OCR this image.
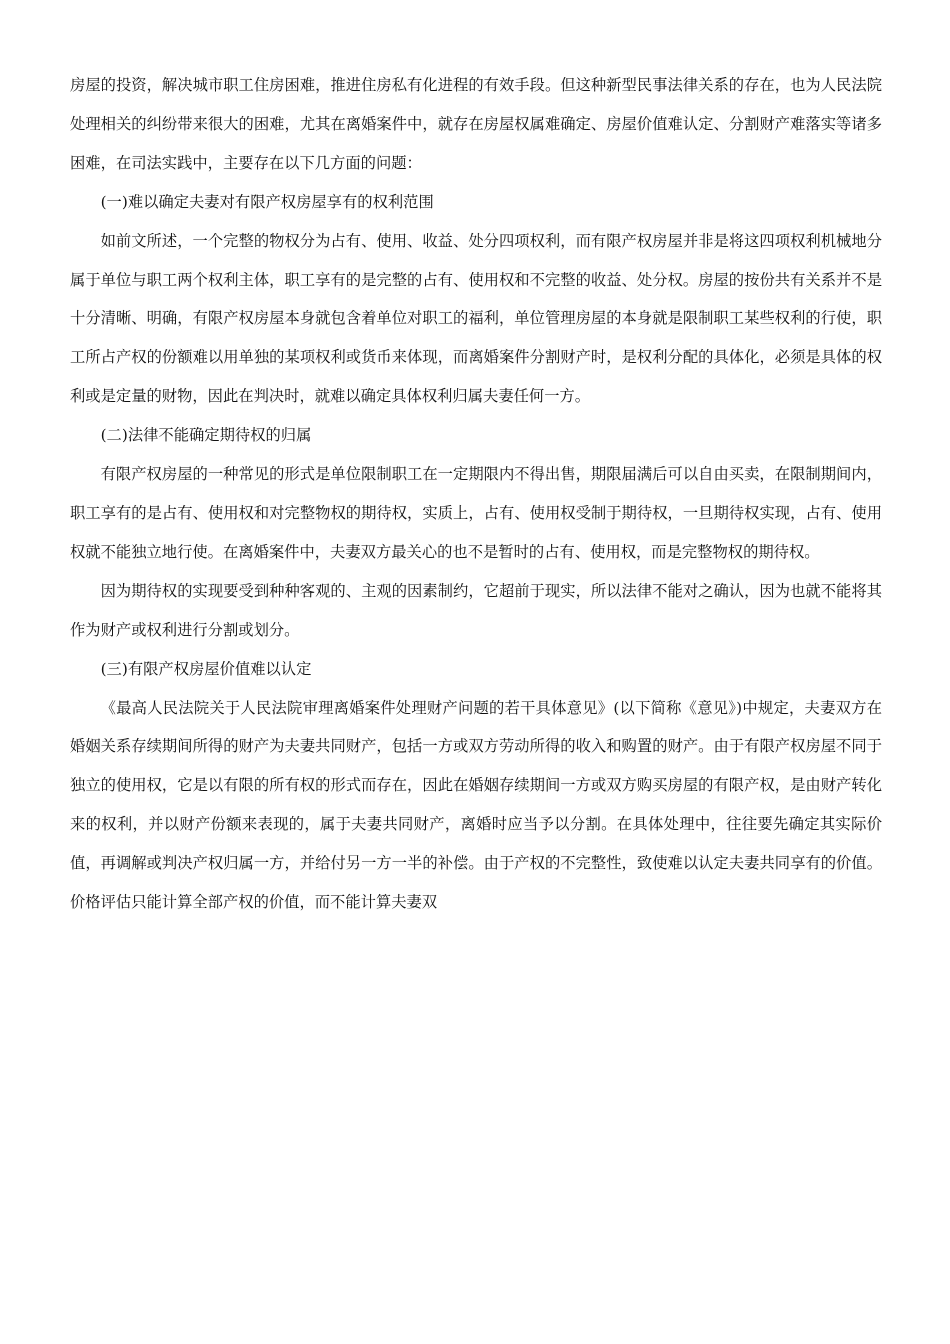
房屋的投资，解决城市职工住房困难，推进住房私有化进程的有效手段。但这种新型民事法律关系的存在，也为人民法院处理相关的纠纷带来很大的困难，尤其在离婚案件中，就存在房屋权属难确定、房屋价值难认定、分割财产难落实等诸多困难，在司法实践中，主要存在以下几方面的问题：

(一)难以确定夫妻对有限产权房屋享有的权利范围

如前文所述，一个完整的物权分为占有、使用、收益、处分四项权利，而有限产权房屋并非是将这四项权利机械地分属于单位与职工两个权利主体，职工享有的是完整的占有、使用权和不完整的收益、处分权。房屋的按份共有关系并不是十分清晰、明确，有限产权房屋本身就包含着单位对职工的福利，单位管理房屋的本身就是限制职工某些权利的行使，职工所占产权的份额难以用单独的某项权利或货币来体现，而离婚案件分割财产时，是权利分配的具体化，必须是具体的权利或是定量的财物，因此在判决时，就难以确定具体权利归属夫妻任何一方。

(二)法律不能确定期待权的归属

有限产权房屋的一种常见的形式是单位限制职工在一定期限内不得出售，期限届满后可以自由买卖，在限制期间内，职工享有的是占有、使用权和对完整物权的期待权，实质上，占有、使用权受制于期待权，一旦期待权实现，占有、使用权就不能独立地行使。在离婚案件中，夫妻双方最关心的也不是暂时的占有、使用权，而是完整物权的期待权。

因为期待权的实现要受到种种客观的、主观的因素制约，它超前于现实，所以法律不能对之确认，因为也就不能将其作为财产或权利进行分割或划分。

(三)有限产权房屋价值难以认定

《最高人民法院关于人民法院审理离婚案件处理财产问题的若干具体意见》(以下简称《意见》)中规定，夫妻双方在婚姻关系存续期间所得的财产为夫妻共同财产，包括一方或双方劳动所得的收入和购置的财产。由于有限产权房屋不同于独立的使用权，它是以有限的所有权的形式而存在，因此在婚姻存续期间一方或双方购买房屋的有限产权，是由财产转化来的权利，并以财产份额来表现的，属于夫妻共同财产，离婚时应当予以分割。在具体处理中，往往要先确定其实际价值，再调解或判决产权归属一方，并给付另一方一半的补偿。由于产权的不完整性，致使难以认定夫妻共同享有的价值。价格评估只能计算全部产权的价值，而不能计算夫妻双
